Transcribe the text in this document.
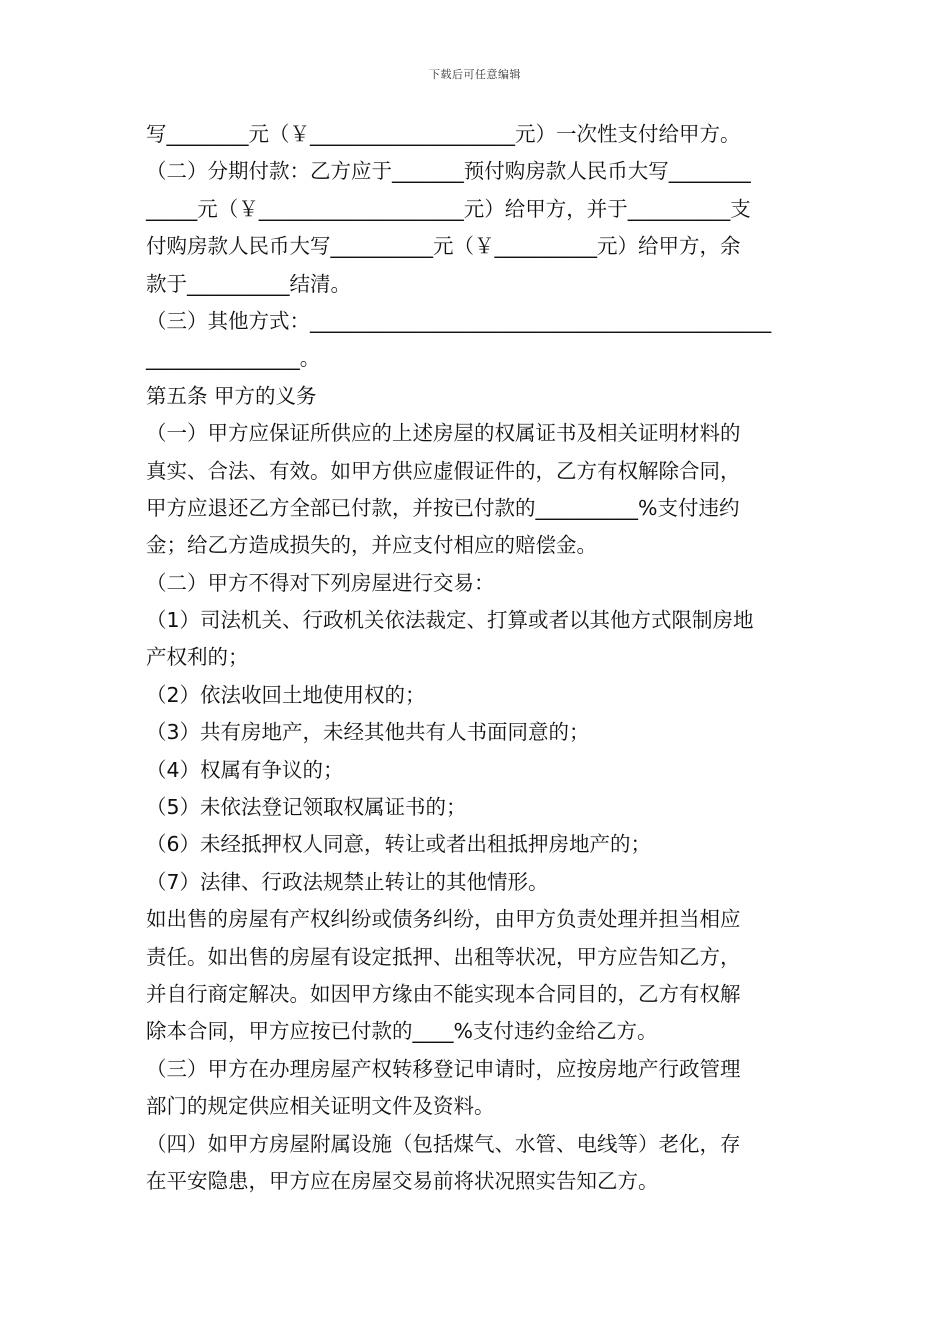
下载后可任意编辑
写________元（￥____________________元）一次性支付给甲方。
（二）分期付款：乙方应于_______预付购房款人民币大写________
_____元（￥____________________元）给甲方，并于__________支
付购房款人民币大写__________元（￥__________元）给甲方，余
款于__________结清。
（三）其他方式：_____________________________________________
_______________。
第五条 甲方的义务
（一）甲方应保证所供应的上述房屋的权属证书及相关证明材料的
真实、合法、有效。如甲方供应虚假证件的，乙方有权解除合同，
甲方应退还乙方全部已付款，并按已付款的__________%支付违约
金；给乙方造成损失的，并应支付相应的赔偿金。
（二）甲方不得对下列房屋进行交易：
（1）司法机关、行政机关依法裁定、打算或者以其他方式限制房地
产权利的；
（2）依法收回土地使用权的；
（3）共有房地产，未经其他共有人书面同意的；
（4）权属有争议的；
（5）未依法登记领取权属证书的；
（6）未经抵押权人同意，转让或者出租抵押房地产的；
（7）法律、行政法规禁止转让的其他情形。
如出售的房屋有产权纠纷或债务纠纷，由甲方负责处理并担当相应
责任。如出售的房屋有设定抵押、出租等状况，甲方应告知乙方，
并自行商定解决。如因甲方缘由不能实现本合同目的，乙方有权解
除本合同，甲方应按已付款的____%支付违约金给乙方。
（三）甲方在办理房屋产权转移登记申请时，应按房地产行政管理
部门的规定供应相关证明文件及资料。
（四）如甲方房屋附属设施（包括煤气、水管、电线等）老化，存
在平安隐患，甲方应在房屋交易前将状况照实告知乙方。
